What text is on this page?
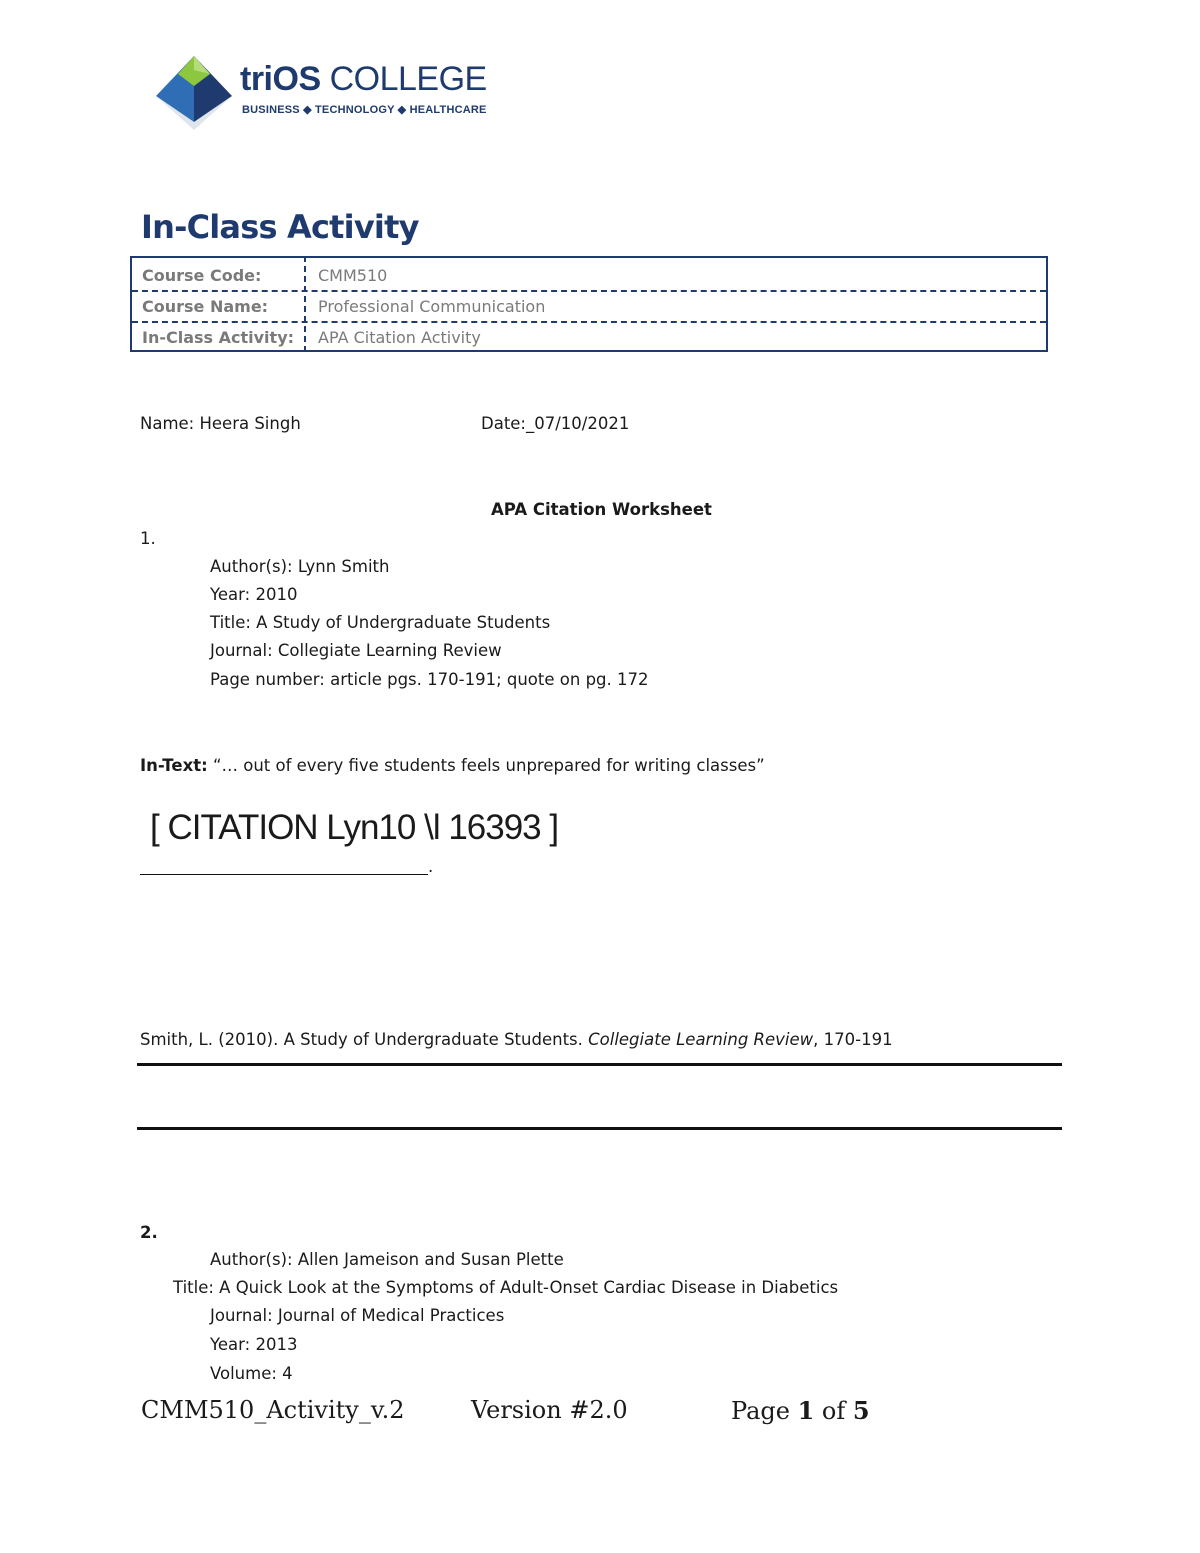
triOS COLLEGE
BUSINESS ◆ TECHNOLOGY ◆ HEALTHCARE
In-Class Activity
Course Code:	CMM510
Course Name:	Professional Communication
In-Class Activity: APA Citation Activity
Name: Heera Singh	Date:_07/10/2021
APA Citation Worksheet
1.
Author(s): Lynn Smith
Year: 2010
Title: A Study of Undergraduate Students
Journal: Collegiate Learning Review
Page number: article pgs. 170-191; quote on pg. 172
In-Text: “… out of every five students feels unprepared for writing classes”
[ CITATION Lyn10 \l 16393 ]
.
Smith, L. (2010). A Study of Undergraduate Students. Collegiate Learning Review, 170-191
2.
Author(s): Allen Jameison and Susan Plette
Title: A Quick Look at the Symptoms of Adult-Onset Cardiac Disease in Diabetics
Journal: Journal of Medical Practices
Year: 2013
Volume: 4
CMM510_Activity_v.2	Version #2.0	Page 1 of 5
